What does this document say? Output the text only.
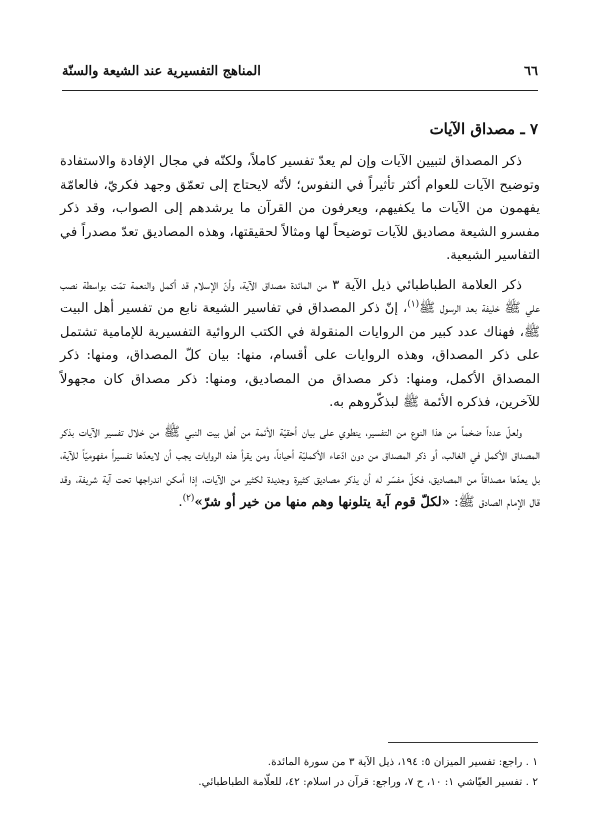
٦٦
المناهج التفسيرية عند الشيعة والسنّة
٧ ـ مصداق الآيات

ذكر المصداق لتبيين الآيات وإن لم يعدّ تفسير كاملاً، ولكنّه في مجال الإفادة والاستفادة وتوضيح الآيات للعوام أكثر تأثيراً في النفوس؛ لأنّه لايحتاج إلى تعمّق وجهد فكريّ، فالعامّة يفهمون من الآيات ما يكفيهم، ويعرفون من القرآن ما يرشدهم إلى الصواب، وقد ذكر مفسرو الشيعة مصاديق للآيات توضيحاً لها ومثالاً لحقيقتها، وهذه المصاديق تعدّ مصدراً في التفاسير الشيعية.

ذكر العلامة الطباطبائي ذيل الآية ٣ من المائدة مصداق الآية، وأنّ الإسلام قد أكمل والنعمة تمّت بواسطة نصب علي ﷺ خليفة بعد الرسول ﷺ$^{(١)}$، إنّ ذكر المصداق في تفاسير الشيعة نابع من تفسير أهل البيت ﷺ، فهناك عدد كبير من الروايات المنقولة في الكتب الروائية التفسيرية للإمامية تشتمل على ذكر المصداق، وهذه الروايات على أقسام، منها: بيان كلّ المصداق، ومنها: ذكر المصداق الأكمل، ومنها: ذكر مصداق من المصاديق، ومنها: ذكر مصداق كان مجهولاً للآخرين، فذكره الأئمة ﷺ لبذكّروهم به.

ولعلّ عدداً ضخماً من هذا النوع من التفسير، ينطوي على بيان أحقيّة الأئمة من أهل بيت النبي ﷺ من خلال تفسير الآيات بذكر المصداق الأكمل في الغالب، أو ذكر المصداق من دون ادّعاء الأكمليّة أحياناً، ومن يقرأ هذه الروايات يجب أن لايعدّها تفسيراً مفهوميّاً للآية، بل يعدّها مصداقاً من المصاديق، فكلّ مفسّر له أن يذكر مصاديق كثيرة وجديدة لكثير من الآيات، إذا أمكن اندراجها تحت آية شريفة، وقد قال الإمام الصادق ﷺ: «لكلّ قوم آية يتلونها وهم منها من خير أو شرّ»$^{(٢)}$.

١ . راجع: تفسير الميزان ٥: ١٩٤، ذيل الآية ٣ من سورة المائدة.
٢ . تفسير العيّاشي ١: ١٠، ح ٧، وراجع: قرآن در اسلام: ٤٢، للعلّامة الطباطبائي.
